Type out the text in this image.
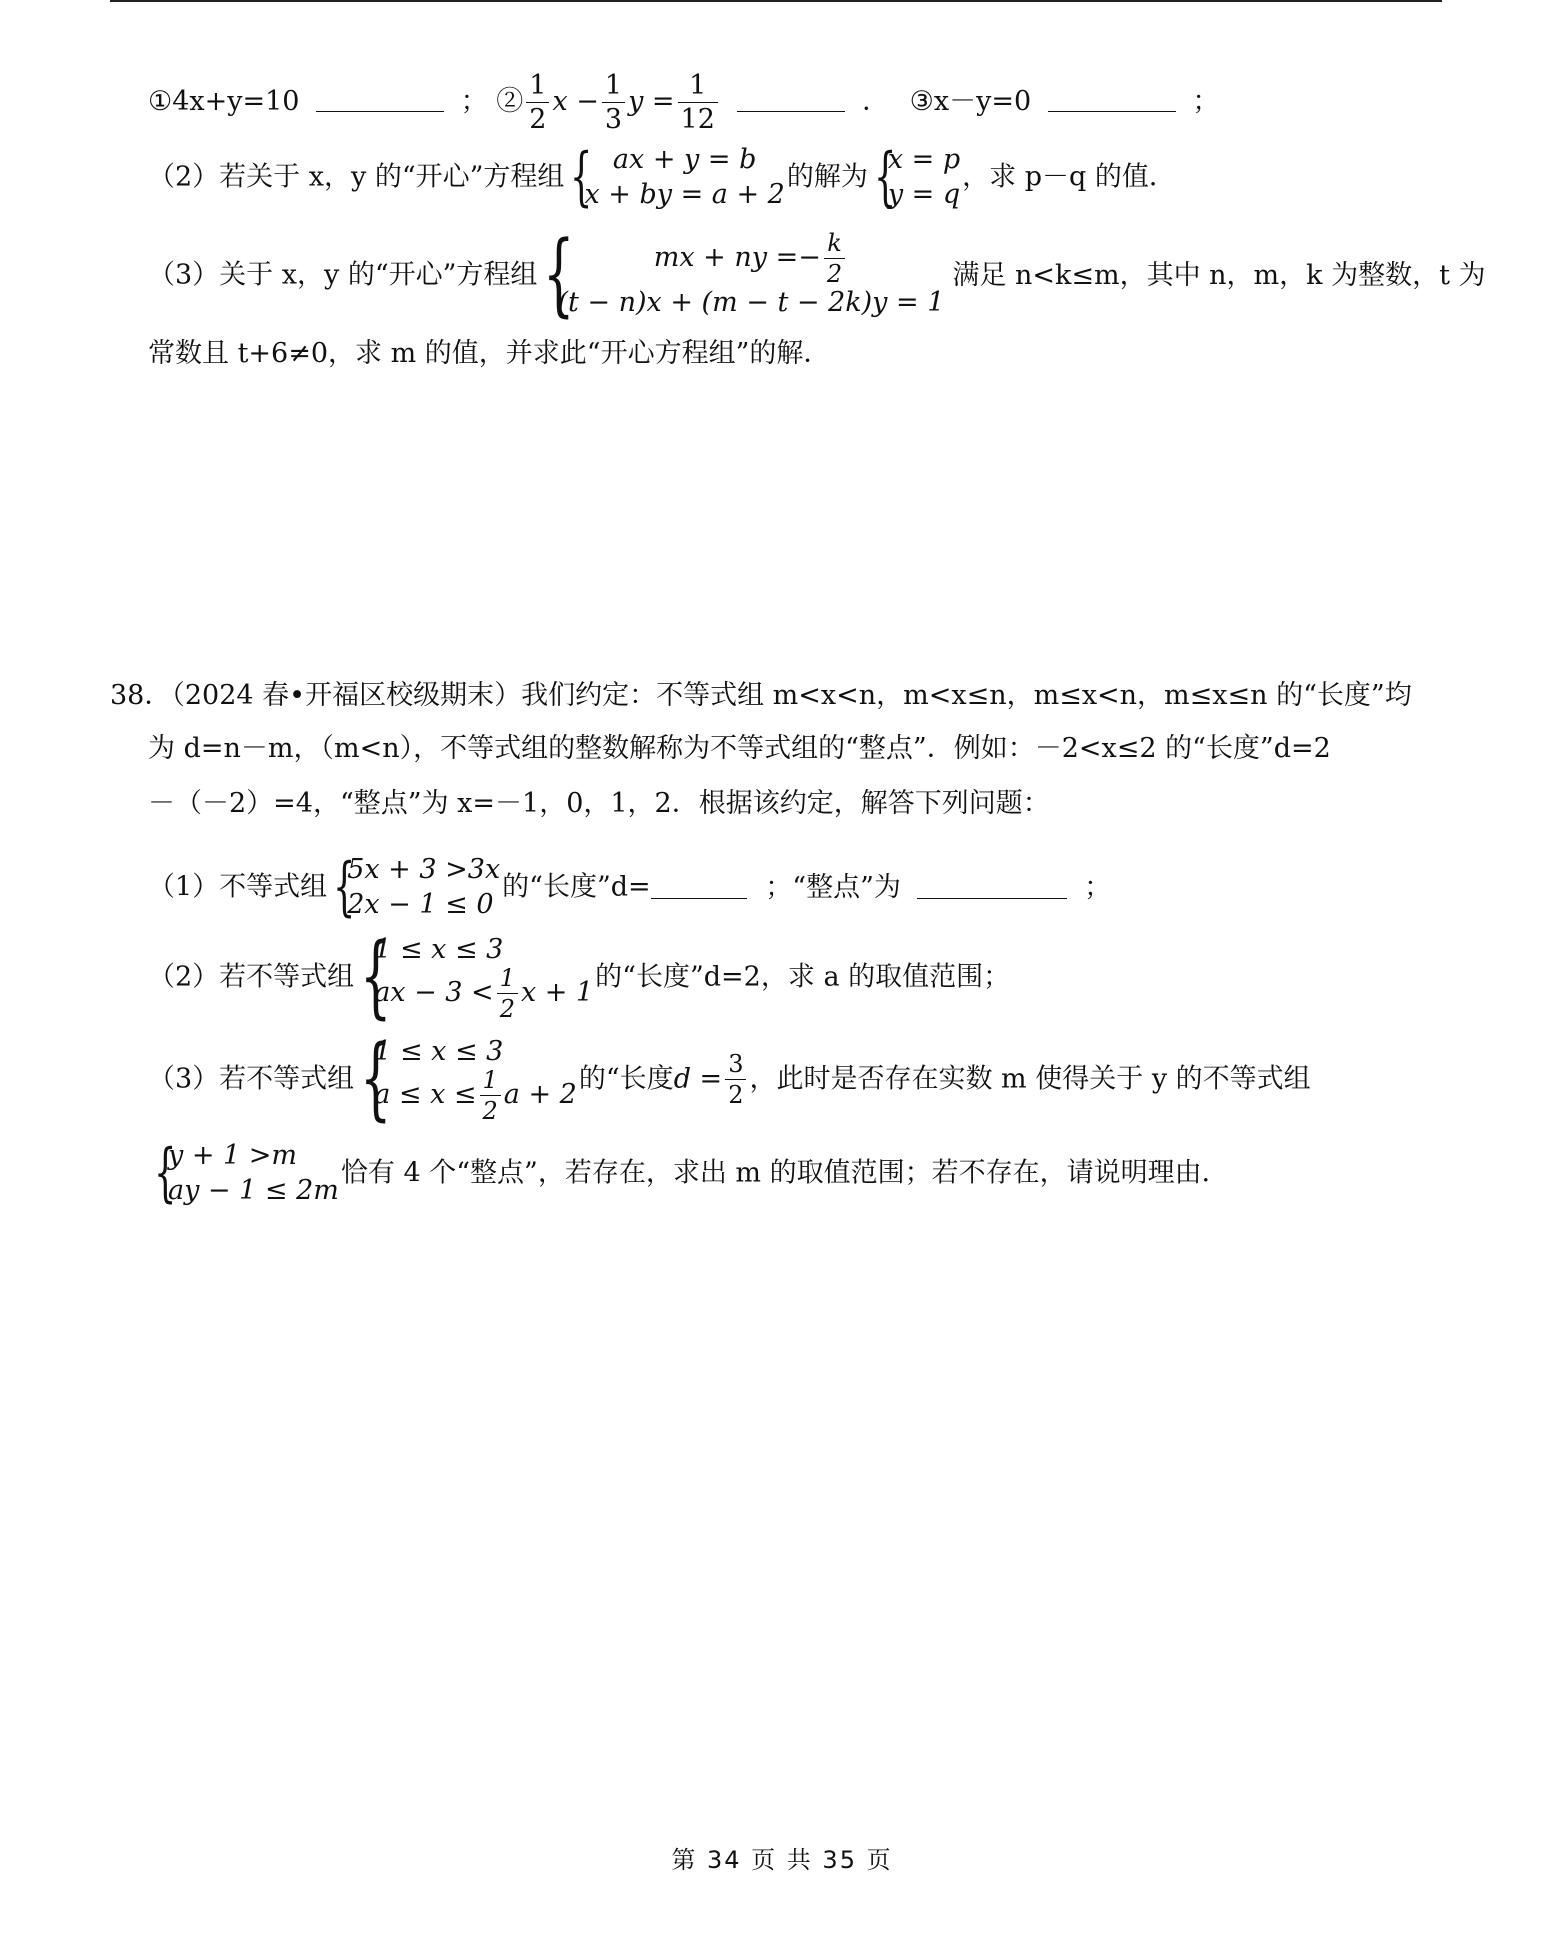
①4x+y=10	； ② $\frac{1}{2}$ $x - \frac{1}{3}$ $y = \frac{1}{12}$	． ③x－y=0	；
（2）若关于 x，y 的“开心”方程组 { ax + y = b
x + by = a + 2
的解为 {
x = p
y = q
，求 p－q 的值．
（3）关于 x，y 的“开心”方程组 {	mx + ny =− $\frac{k}{2}$
(t − n)x + (m − t − 2k)y = 1
满足 n<k≤m，其中 n，m，k 为整数，t 为
常数且 t+6≠0，求 m 的值，并求此“开心方程组”的解．
38．（2024 春•开福区校级期末）我们约定：不等式组 m<x<n，m<x≤n，m≤x<n，m≤x≤n 的“长度”均
为 d=n－m，（m<n），不等式组的整数解称为不等式组的“整点”．例如：－2<x≤2 的“长度”d=2
－（－2）=4，“整点”为 x=－1，0，1，2．根据该约定，解答下列问题：
（1）不等式组 {
5x + 3 >3x
2x − 1 ≤ 0
的“长度”d=	；“整点”为	；
（2）若不等式组 {
1 ≤ x ≤ 3
ax − $3 < \frac{1}{2}$ x + 1
的“长度”d=2，求 a 的取值范围；
（3）若不等式组 {
1 ≤ x ≤ 3
$a \le x \le \frac{1}{2}$ a + 2
的“长度$d = \frac{3}{2}$ ，此时是否存在实数 m 使得关于 y 的不等式组
{
y + 1 >m
ay − 1 ≤ 2m
恰有 4 个“整点”，若存在，求出 m 的取值范围；若不存在，请说明理由．
第 34 页 共 35 页
